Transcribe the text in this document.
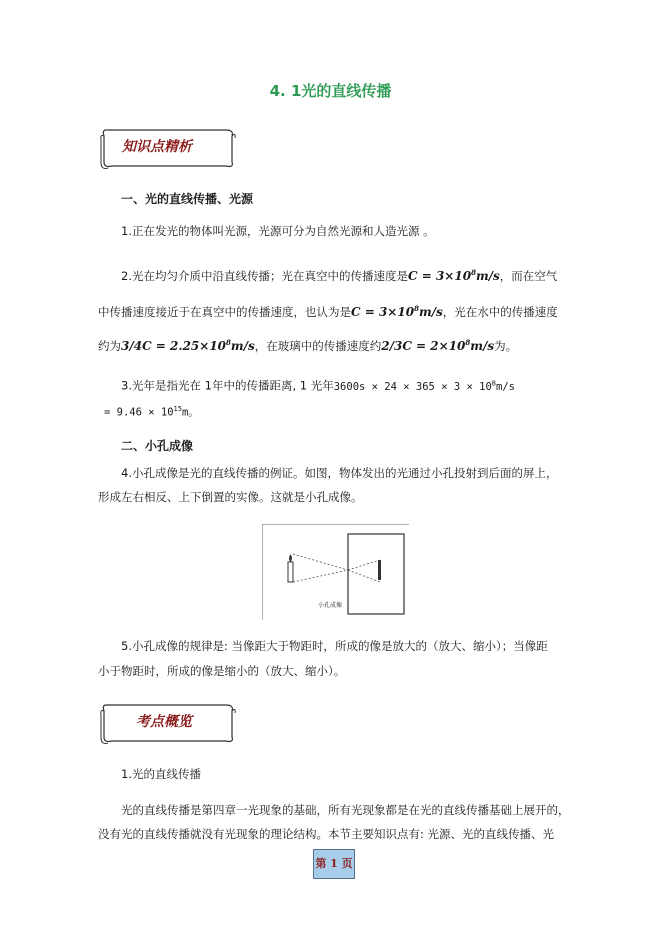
4. 1光的直线传播
知识点精析
一、光的直线传播、光源
1.正在发光的物体叫光源，光源可分为自然光源和人造光源 。
2.光在均匀介质中沿直线传播；光在真空中的传播速度是$C = 3\times 10^8m/s$，而在空气
中传播速度接近于在真空中的传播速度，也认为是$C = 3\times 10^8m/s$，光在水中的传播速度
约为$3/4C = 2.25\times 10^8m/s$，在玻璃中的传播速度约$2/3C = 2\times 10^8m/s$为。
3.光年是指光在 1年中的传播距离, 1 光年$3600s \times 24 \times 365 \times 3 \times 10^8m/s$
= $9.46 \times 10^{15}m$。
二、小孔成像
4.小孔成像是光的直线传播的例证。如图，物体发出的光通过小孔投射到后面的屏上，
形成左右相反、上下倒置的实像。这就是小孔成像。
小孔成像
5.小孔成像的规律是: 当像距大于物距时，所成的像是放大的（放大、缩小）；当像距
小于物距时，所成的像是缩小的（放大、缩小）。
考点概览
1.光的直线传播
光的直线传播是第四章一光现象的基础，所有光现象都是在光的直线传播基础上展开的，
没有光的直线传播就没有光现象的理论结构。本节主要知识点有: 光源、光的直线传播、光
第 1 页
